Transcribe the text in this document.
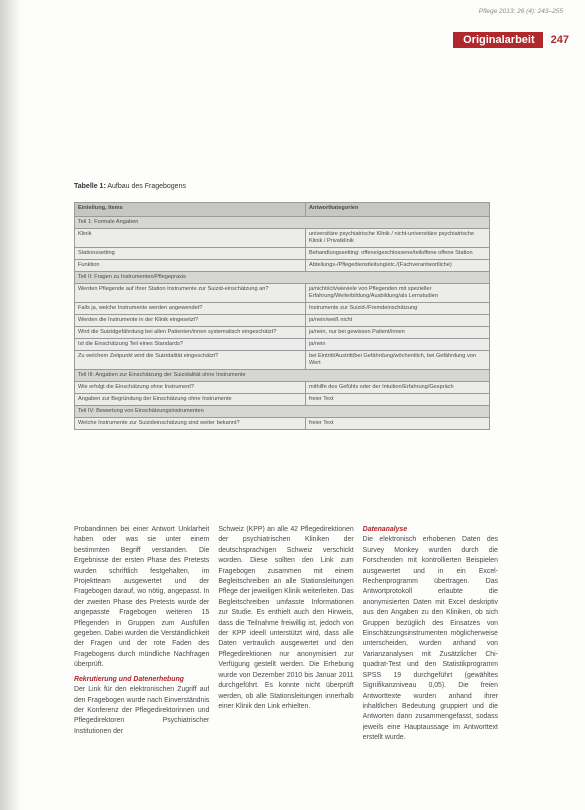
Pflege 2013; 26 (4): 243–255
Originalarbeit	247
Tabelle 1: Aufbau des Fragebogens
Einteilung, Items	Antwortkategorien
Teil 1: Formale Angaben	
Klinik	universitäre psychiatrische Klinik / nicht-universitäre psychiatrische Klinik / Privatklinik
Stationssetting	Behandlungssetting: offene/geschlossene/teiloffene offene Station
Funktion	Abteilungs-/Pflegedienstleitung/etc./(Fachverantwortliche)
Teil II: Fragen zu Instrumenten/Pflegepraxis	
Werden Pflegende auf Ihrer Station Instrumente zur Suizid-einschätzung an?	ja/nicht/ich/wieviele von Pflegenden mit spezieller Erfahrung/Weiterbildung/Ausbildung/als Lernstudien
Falls ja, welche Instrumente werden angewendet?	Instrumente zur Suizid-/Fremdeinschätzung
Werden die Instrumente in der Klinik eingesetzt?	ja/nein/weiß nicht
Wird die Suizidgefährdung bei allen Patienten/innen systematisch eingeschätzt?	ja/nein, nur bei gewissen Patient/innen
Ist die Einschätzung Teil eines Standards?	ja/nein
Zu welchem Zeitpunkt wird die Suizidalität eingeschätzt?	bei Eintritt/Austritt/bei Gefährdung/wöchentlich, bei Gefährdung von Wert
Teil III: Angaben zur Einschätzung der Suizidalität ohne Instrumente	
Wie erfolgt die Einschätzung ohne Instrument?	mithilfe des Gefühls oder der Intuition/Erfahrung/Gespräch
Angaben zur Begründung der Einschätzung ohne Instrumente	freier Text
Teil IV: Bewertung von Einschätzungsinstrumenten	
Welche Instrumente zur Suizideinschätzung sind weiter bekannt?	freier Text

Probandinnen bei einer Antwort Unklarheit haben oder was sie unter einem bestimmten Begriff verstanden. Die Ergebnisse der ersten Phase des Pretests wurden schriftlich festgehalten, im Projektteam ausgewertet und der Fragebogen darauf, wo nötig, angepasst. In der zweiten Phase des Pretests wurde der angepasste Fragebogen weiteren 15 Pflegenden in Gruppen zum Ausfüllen gegeben. Dabei wurden die Verständlichkeit der Fragen und der rote Faden des Fragebogens durch mündliche Nachfragen überprüft.

Rekrutierung und Datenerhebung

Der Link für den elektronischen Zugriff auf den Fragebogen wurde nach Einverständnis der Konferenz der Pflegedirektorinnen und Pflegedirektoren Psychiatrischer Institutionen der

Schweiz (KPP) an alle 42 Pflegedirektionen der psychiatrischen Kliniken der deutschsprachigen Schweiz verschickt worden. Diese sollten den Link zum Fragebogen zusammen mit einem Begleitschreiben an alle Stationsleitungen Pflege der jeweiligen Klinik weiterleiten. Das Begleitschreiben umfasste Informationen zur Studie. Es enthielt auch den Hinweis, dass die Teilnahme freiwillig ist, jedoch von der KPP ideell unterstützt wird, dass alle Daten vertraulich ausgewertet und den Pflegedirektionen nur anonymisiert zur Verfügung gestellt werden. Die Erhebung wurde von Dezember 2010 bis Januar 2011 durchgeführt. Es konnte nicht überprüft werden, ob alle Stationsleitungen innerhalb einer Klinik den Link erhielten.

Datenanalyse

Die elektronisch erhobenen Daten des Survey Monkey wurden durch die Forschenden mit kontrollierten Beispielen ausgewertet und in ein Excel-Rechenprogramm übertragen. Das Antwortprotokoll erlaubte die anonymisierten Daten mit Excel deskriptiv aus den Angaben zu den Kliniken, ob sich Gruppen bezüglich des Einsatzes von Einschätzungsinstrumenten möglicherweise unterscheiden, wurden anhand von Varianzanalysen mit Zusätzlicher Chi-quadrat-Test und den Statistikprogramm SPSS 19 durchgeführt (gewähltes Signifikanzniveau 0,05). Die freien Antworttexte wurden anhand ihrer inhaltlichen Bedeutung gruppiert und die Antworten dann zusammengefasst, sodass jeweils eine Hauptaussage im Antworttext erstellt wurde.
